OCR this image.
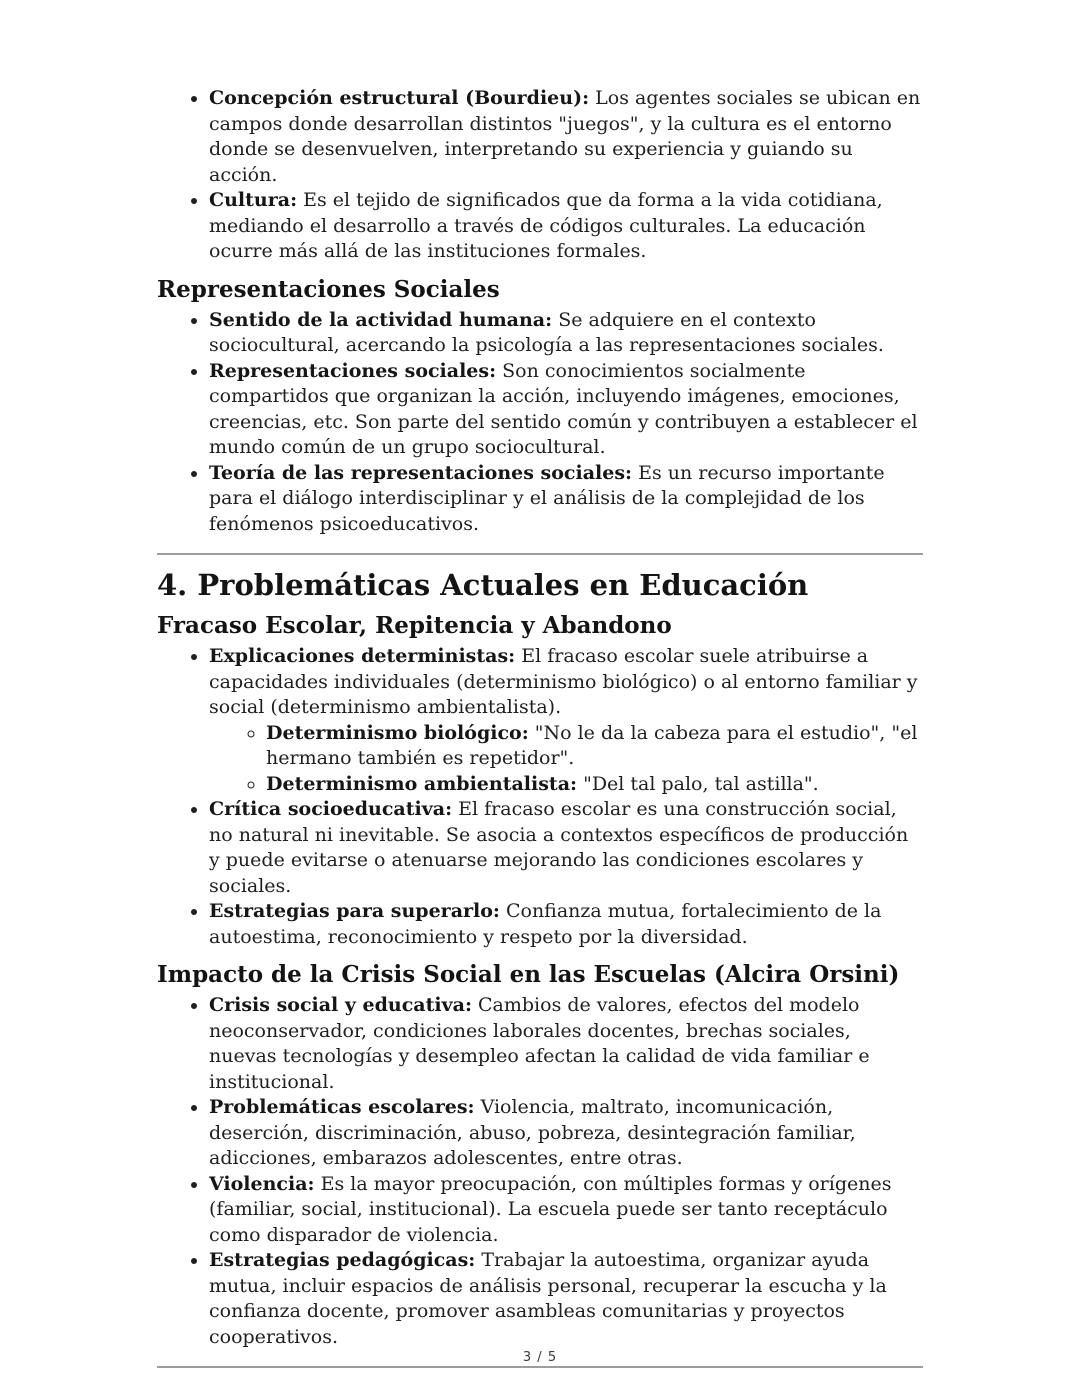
• Concepción estructural (Bourdieu): Los agentes sociales se ubican en campos donde desarrollan distintos "juegos", y la cultura es el entorno donde se desenvuelven, interpretando su experiencia y guiando su acción.
• Cultura: Es el tejido de significados que da forma a la vida cotidiana, mediando el desarrollo a través de códigos culturales. La educación ocurre más allá de las instituciones formales.
Representaciones Sociales
• Sentido de la actividad humana: Se adquiere en el contexto sociocultural, acercando la psicología a las representaciones sociales.
• Representaciones sociales: Son conocimientos socialmente compartidos que organizan la acción, incluyendo imágenes, emociones, creencias, etc. Son parte del sentido común y contribuyen a establecer el mundo común de un grupo sociocultural.
• Teoría de las representaciones sociales: Es un recurso importante para el diálogo interdisciplinar y el análisis de la complejidad de los fenómenos psicoeducativos.
4. Problemáticas Actuales en Educación
Fracaso Escolar, Repitencia y Abandono
• Explicaciones deterministas: El fracaso escolar suele atribuirse a capacidades individuales (determinismo biológico) o al entorno familiar y social (determinismo ambientalista).
◦ Determinismo biológico: "No le da la cabeza para el estudio", "el hermano también es repetidor".
◦ Determinismo ambientalista: "Del tal palo, tal astilla".
• Crítica socioeducativa: El fracaso escolar es una construcción social, no natural ni inevitable. Se asocia a contextos específicos de producción y puede evitarse o atenuarse mejorando las condiciones escolares y sociales.
• Estrategias para superarlo: Confianza mutua, fortalecimiento de la autoestima, reconocimiento y respeto por la diversidad.
Impacto de la Crisis Social en las Escuelas (Alcira Orsini)
• Crisis social y educativa: Cambios de valores, efectos del modelo neoconservador, condiciones laborales docentes, brechas sociales, nuevas tecnologías y desempleo afectan la calidad de vida familiar e institucional.
• Problemáticas escolares: Violencia, maltrato, incomunicación, deserción, discriminación, abuso, pobreza, desintegración familiar, adicciones, embarazos adolescentes, entre otras.
• Violencia: Es la mayor preocupación, con múltiples formas y orígenes (familiar, social, institucional). La escuela puede ser tanto receptáculo como disparador de violencia.
• Estrategias pedagógicas: Trabajar la autoestima, organizar ayuda mutua, incluir espacios de análisis personal, recuperar la escucha y la confianza docente, promover asambleas comunitarias y proyectos cooperativos.
3 / 5
